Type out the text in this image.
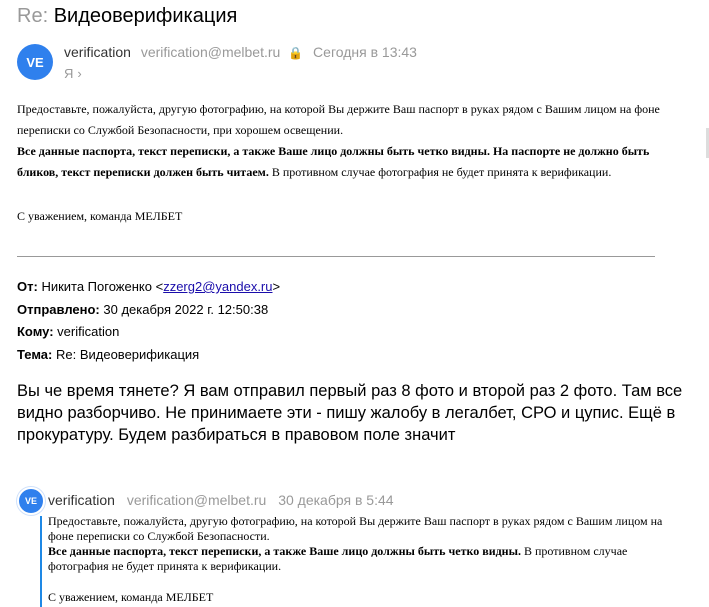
Re: Видеоверификация
VE
verification verification@melbet.ru 🔒 Сегодня в 13:43
Я ›
Предоставьте, пожалуйста, другую фотографию, на которой Вы держите Ваш паспорт в руках рядом с Вашим лицом на фоне переписки со Службой Безопасности, при хорошем освещении.
Все данные паспорта, текст переписки, а также Ваше лицо должны быть четко видны. На паспорте не должно быть бликов, текст переписки должен быть читаем. В противном случае фотография не будет принята к верификации.
С уважением, команда МЕЛБЕТ
От: Никита Погоженко <zzerg2@yandex.ru>
Отправлено: 30 декабря 2022 г. 12:50:38
Кому: verification
Тема: Re: Видеоверификация
Вы че время тянете? Я вам отправил первый раз 8 фото и второй раз 2 фото. Там все видно разборчиво. Не принимаете эти - пишу жалобу в легалбет, СРО и цупис. Ещё в прокуратуру. Будем разбираться в правовом поле значит
VE verification verification@melbet.ru 30 декабря в 5:44
Предоставьте, пожалуйста, другую фотографию, на которой Вы держите Ваш паспорт в руках рядом с Вашим лицом на фоне переписки со Службой Безопасности.
Все данные паспорта, текст переписки, а также Ваше лицо должны быть четко видны. В противном случае фотография не будет принята к верификации.
С уважением, команда МЕЛБЕТ
